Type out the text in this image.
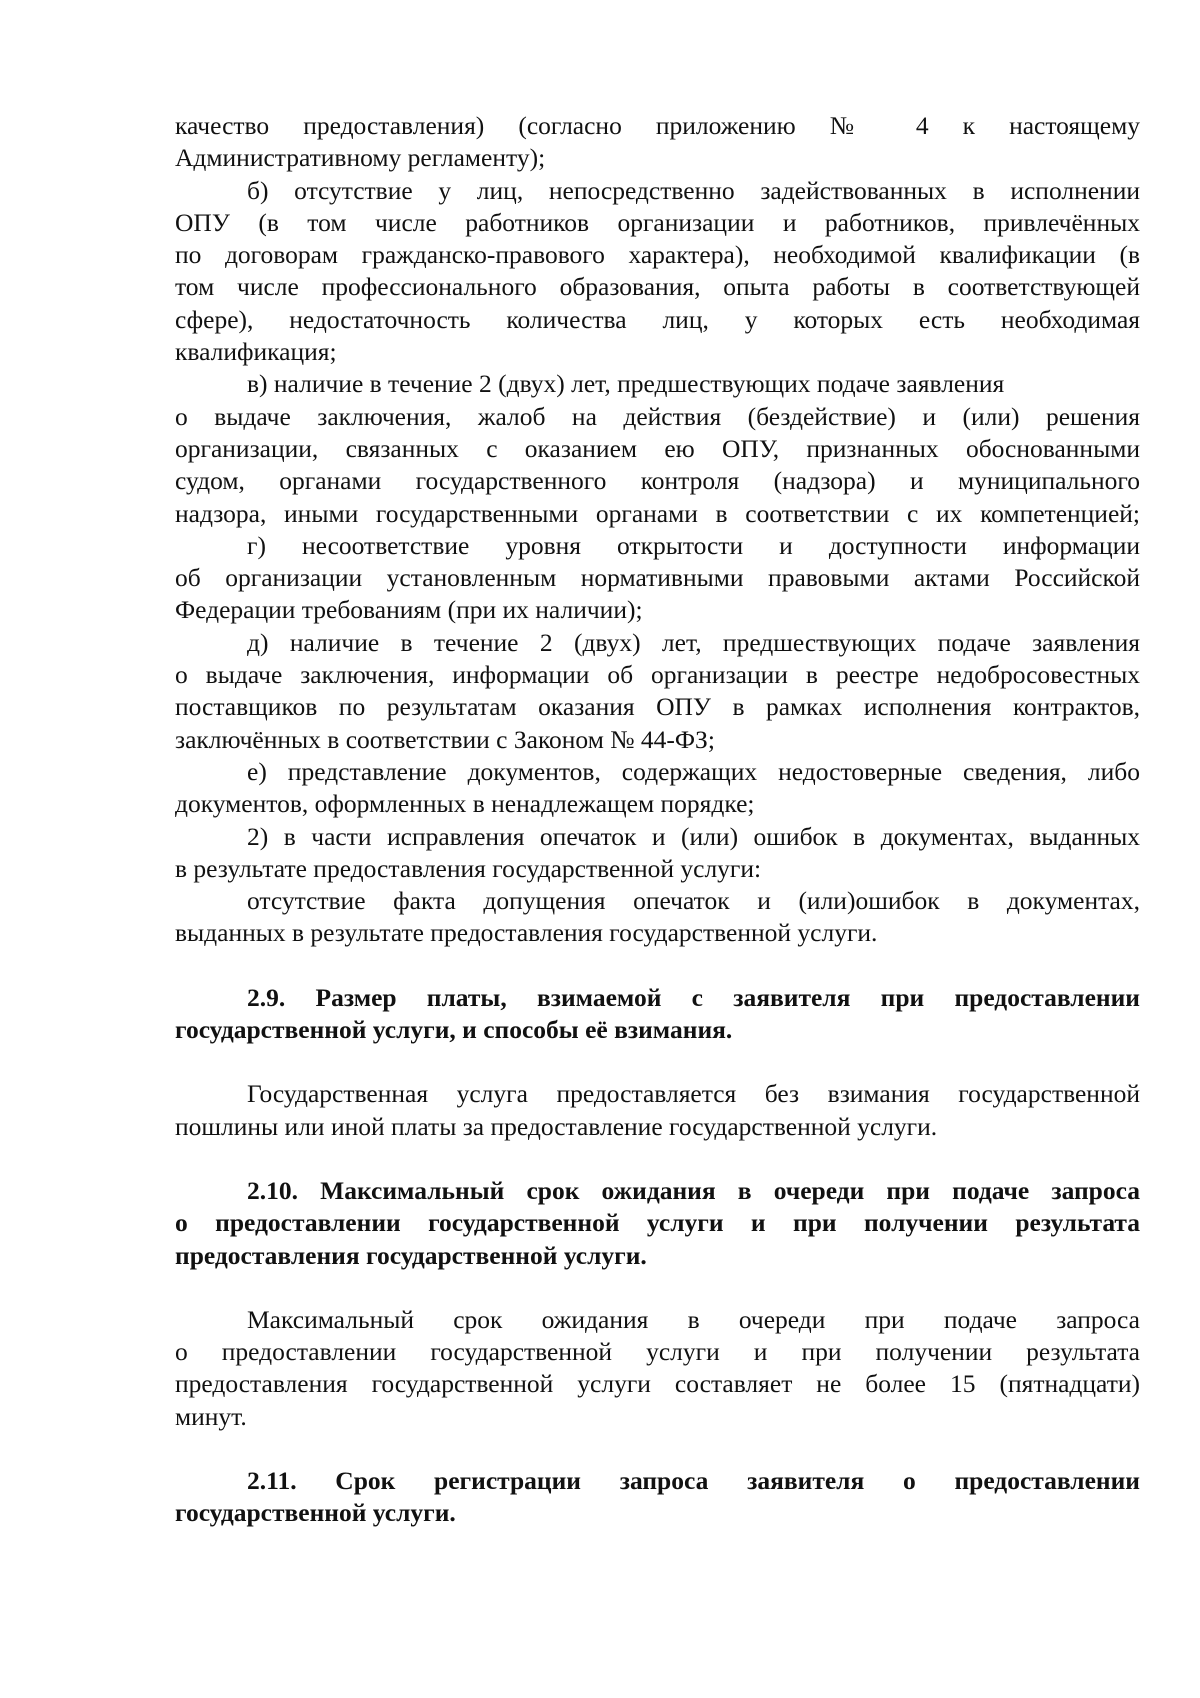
качество предоставления) (согласно приложению № 4 к настоящему
Административному регламенту);
б) отсутствие у лиц, непосредственно задействованных в исполнении
ОПУ (в том числе работников организации и работников, привлечённых
по договорам гражданско-правового характера), необходимой квалификации (в
том числе профессионального образования, опыта работы в соответствующей
сфере), недостаточность количества лиц, у которых есть необходимая
квалификация;
в) наличие в течение 2 (двух) лет, предшествующих подаче заявления
о выдаче заключения, жалоб на действия (бездействие) и (или) решения
организации, связанных с оказанием ею ОПУ, признанных обоснованными
судом, органами государственного контроля (надзора) и муниципального
надзора, иными государственными органами в соответствии с их компетенцией;
г) несоответствие уровня открытости и доступности информации
об организации установленным нормативными правовыми актами Российской
Федерации требованиям (при их наличии);
д) наличие в течение 2 (двух) лет, предшествующих подаче заявления
о выдаче заключения, информации об организации в реестре недобросовестных
поставщиков по результатам оказания ОПУ в рамках исполнения контрактов,
заключённых в соответствии с Законом № 44-ФЗ;
е) представление документов, содержащих недостоверные сведения, либо
документов, оформленных в ненадлежащем порядке;
2) в части исправления опечаток и (или) ошибок в документах, выданных
в результате предоставления государственной услуги:
отсутствие факта допущения опечаток и (или)ошибок в документах,
выданных в результате предоставления государственной услуги.
2.9. Размер платы, взимаемой с заявителя при предоставлении
государственной услуги, и способы её взимания.
Государственная услуга предоставляется без взимания государственной
пошлины или иной платы за предоставление государственной услуги.
2.10. Максимальный срок ожидания в очереди при подаче запроса
о предоставлении государственной услуги и при получении результата
предоставления государственной услуги.
Максимальный срок ожидания в очереди при подаче запроса
о предоставлении государственной услуги и при получении результата
предоставления государственной услуги составляет не более 15 (пятнадцати)
минут.
2.11. Срок регистрации запроса заявителя о предоставлении
государственной услуги.
